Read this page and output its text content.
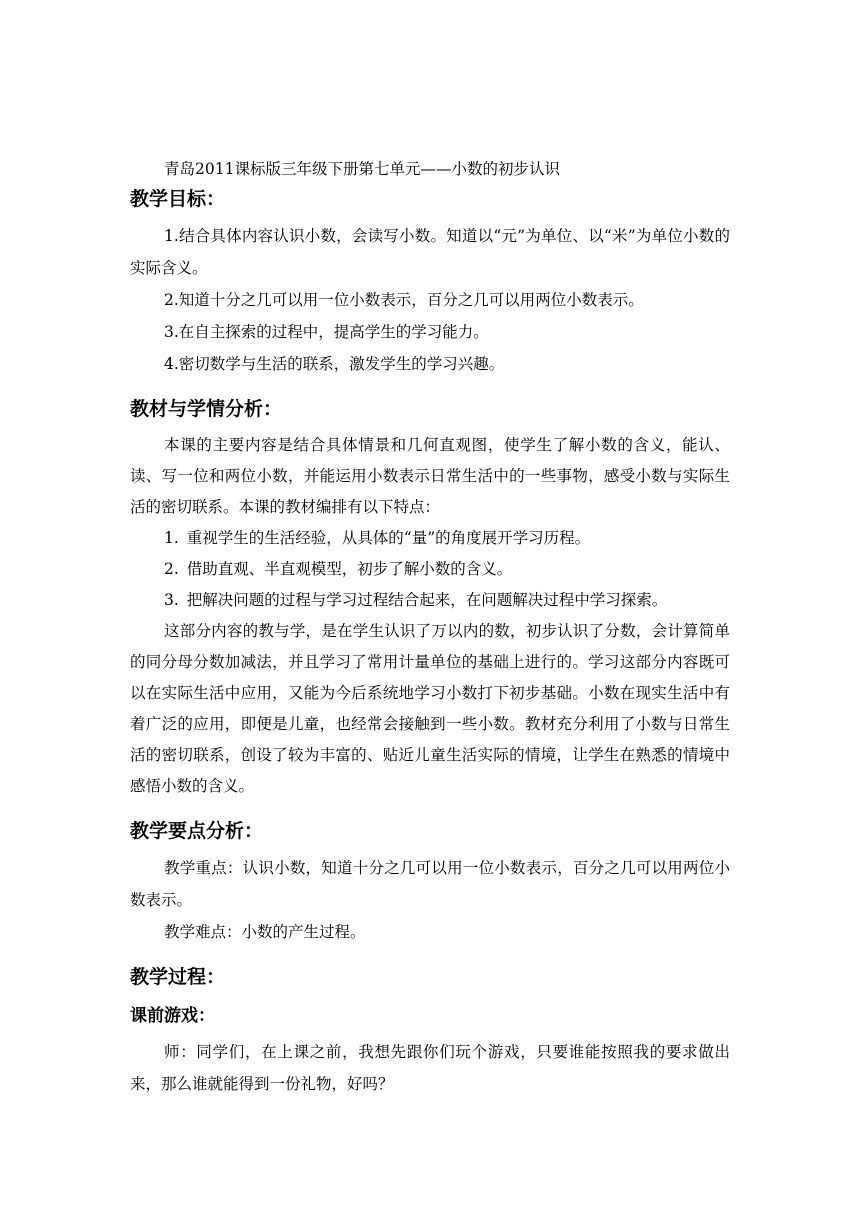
青岛2011课标版三年级下册第七单元——小数的初步认识
教学目标：

1.结合具体内容认识小数，会读写小数。知道以“元”为单位、以“米”为单位小数的实际含义。

2.知道十分之几可以用一位小数表示，百分之几可以用两位小数表示。

3.在自主探索的过程中，提高学生的学习能力。

4.密切数学与生活的联系，激发学生的学习兴趣。

教材与学情分析：

本课的主要内容是结合具体情景和几何直观图，使学生了解小数的含义，能认、读、写一位和两位小数，并能运用小数表示日常生活中的一些事物，感受小数与实际生活的密切联系。本课的教材编排有以下特点：

1. 重视学生的生活经验，从具体的“量”的角度展开学习历程。
2. 借助直观、半直观模型，初步了解小数的含义。
3. 把解决问题的过程与学习过程结合起来，在问题解决过程中学习探索。

这部分内容的教与学，是在学生认识了万以内的数，初步认识了分数，会计算简单的同分母分数加减法，并且学习了常用计量单位的基础上进行的。学习这部分内容既可以在实际生活中应用，又能为今后系统地学习小数打下初步基础。小数在现实生活中有着广泛的应用，即便是儿童，也经常会接触到一些小数。教材充分利用了小数与日常生活的密切联系，创设了较为丰富的、贴近儿童生活实际的情境，让学生在熟悉的情境中感悟小数的含义。

教学要点分析：

教学重点：认识小数，知道十分之几可以用一位小数表示，百分之几可以用两位小数表示。

教学难点：小数的产生过程。

教学过程：
课前游戏：

师：同学们，在上课之前，我想先跟你们玩个游戏，只要谁能按照我的要求做出来，那么谁就能得到一份礼物，好吗？
